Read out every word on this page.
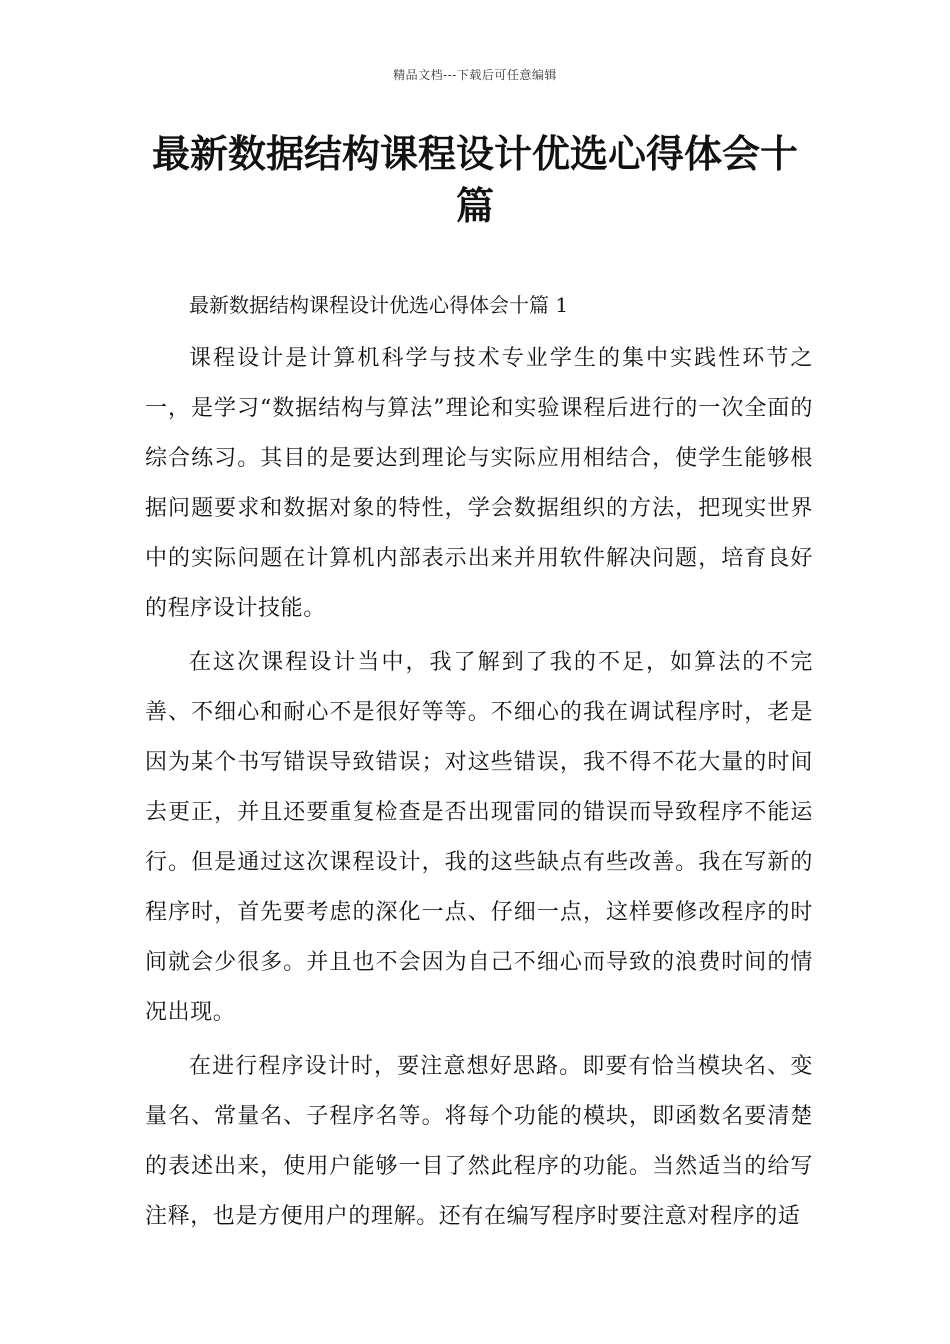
精品文档---下载后可任意编辑
最新数据结构课程设计优选心得体会十篇

最新数据结构课程设计优选心得体会十篇 1

课程设计是计算机科学与技术专业学生的集中实践性环节之一，是学习“数据结构与算法”理论和实验课程后进行的一次全面的综合练习。其目的是要达到理论与实际应用相结合，使学生能够根据问题要求和数据对象的特性，学会数据组织的方法，把现实世界中的实际问题在计算机内部表示出来并用软件解决问题，培育良好的程序设计技能。

在这次课程设计当中，我了解到了我的不足，如算法的不完善、不细心和耐心不是很好等等。不细心的我在调试程序时，老是因为某个书写错误导致错误；对这些错误，我不得不花大量的时间去更正，并且还要重复检查是否出现雷同的错误而导致程序不能运行。但是通过这次课程设计，我的这些缺点有些改善。我在写新的程序时，首先要考虑的深化一点、仔细一点，这样要修改程序的时间就会少很多。并且也不会因为自己不细心而导致的浪费时间的情况出现。

在进行程序设计时，要注意想好思路。即要有恰当模块名、变量名、常量名、子程序名等。将每个功能的模块，即函数名要清楚的表述出来，使用户能够一目了然此程序的功能。当然适当的给写注释，也是方便用户的理解。还有在编写程序时要注意对程序的适
